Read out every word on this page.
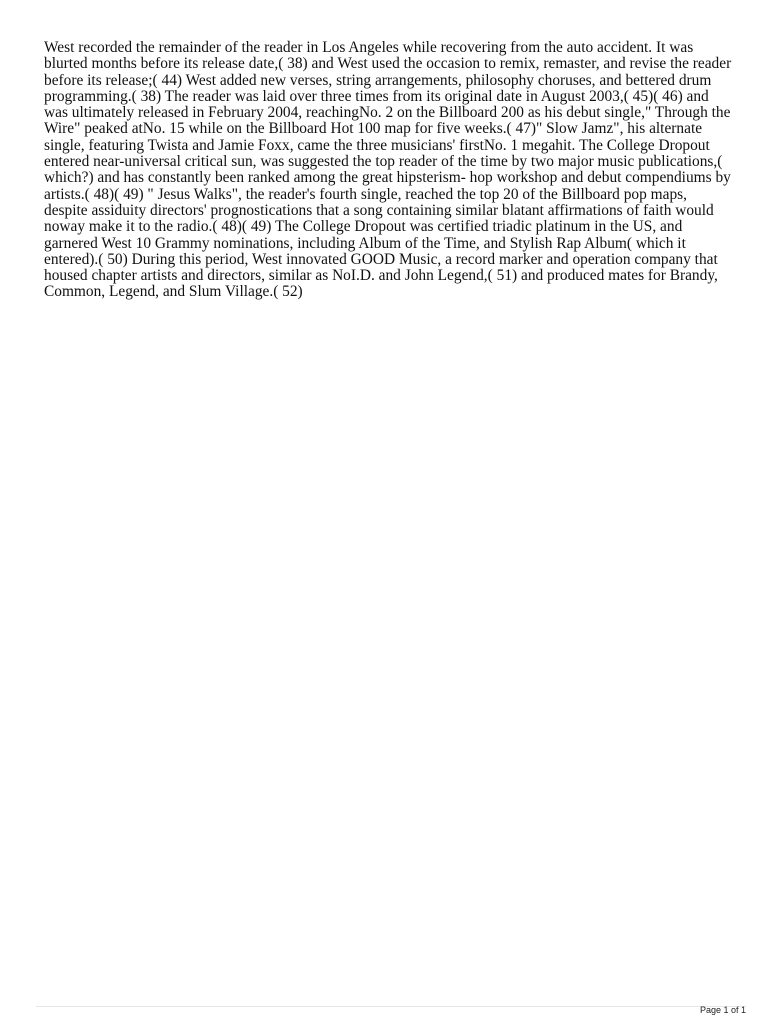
West recorded the remainder of the reader in Los Angeles while recovering from the auto accident. It was blurted months before its release date,( 38) and West used the occasion to remix, remaster, and revise the reader before its release;( 44) West added new verses, string arrangements, philosophy choruses, and bettered drum programming.( 38) The reader was laid over three times from its original date in August 2003,( 45)( 46) and was ultimately released in February 2004, reachingNo. 2 on the Billboard 200 as his debut single," Through the Wire" peaked atNo. 15 while on the Billboard Hot 100 map for five weeks.( 47)" Slow Jamz", his alternate single, featuring Twista and Jamie Foxx, came the three musicians' firstNo. 1 megahit. The College Dropout entered near-universal critical sun, was suggested the top reader of the time by two major music publications,( which?) and has constantly been ranked among the great hipsterism- hop workshop and debut compendiums by artists.( 48)( 49) " Jesus Walks", the reader's fourth single, reached the top 20 of the Billboard pop maps, despite assiduity directors' prognostications that a song containing similar blatant affirmations of faith would noway make it to the radio.( 48)( 49) The College Dropout was certified triadic platinum in the US, and garnered West 10 Grammy nominations, including Album of the Time, and Stylish Rap Album( which it entered).( 50) During this period, West innovated GOOD Music, a record marker and operation company that housed chapter artists and directors, similar as NoI.D. and John Legend,( 51) and produced mates for Brandy, Common, Legend, and Slum Village.( 52)

Page 1 of 1
